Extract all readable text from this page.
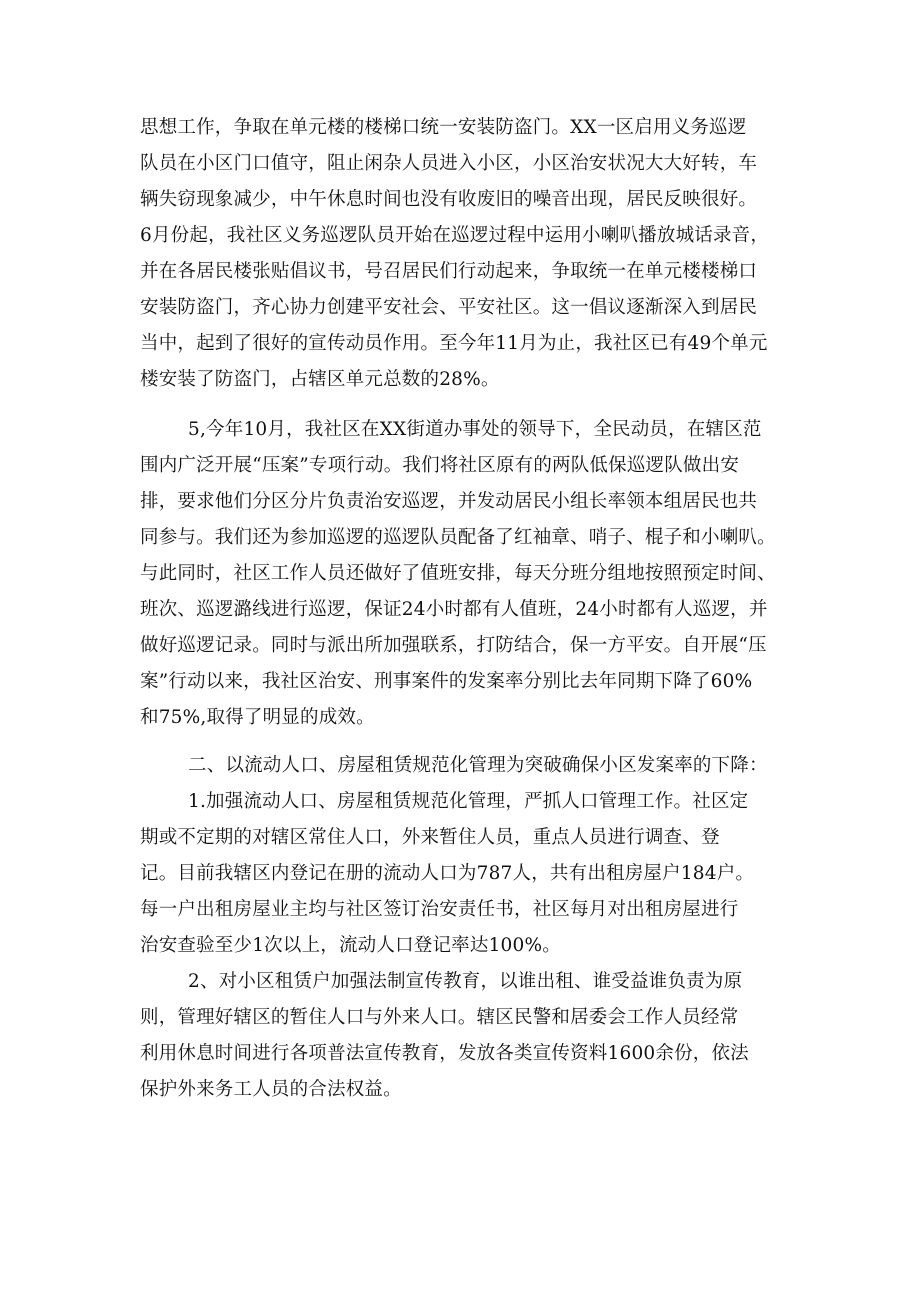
思想工作，争取在单元楼的楼梯口统一安装防盗门。XX一区启用义务巡逻
队员在小区门口值守，阻止闲杂人员进入小区，小区治安状况大大好转，车
辆失窃现象减少，中午休息时间也没有收废旧的噪音出现，居民反映很好。
6月份起，我社区义务巡逻队员开始在巡逻过程中运用小喇叭播放城话录音，
并在各居民楼张贴倡议书，号召居民们行动起来，争取统一在单元楼楼梯口
安装防盗门，齐心协力创建平安社会、平安社区。这一倡议逐渐深入到居民
当中，起到了很好的宣传动员作用。至今年11月为止，我社区已有49个单元
楼安装了防盗门，占辖区单元总数的28%。
5,今年10月，我社区在XX街道办事处的领导下，全民动员，在辖区范
围内广泛开展“压案”专项行动。我们将社区原有的两队低保巡逻队做出安
排，要求他们分区分片负责治安巡逻，并发动居民小组长率领本组居民也共
同参与。我们还为参加巡逻的巡逻队员配备了红袖章、哨子、棍子和小喇叭。
与此同时，社区工作人员还做好了值班安排，每天分班分组地按照预定时间、
班次、巡逻潞线进行巡逻，保证24小时都有人值班，24小时都有人巡逻，并
做好巡逻记录。同时与派出所加强联系，打防结合，保一方平安。自开展“压
案”行动以来，我社区治安、刑事案件的发案率分别比去年同期下降了60%
和75%,取得了明显的成效。
二、以流动人口、房屋租赁规范化管理为突破确保小区发案率的下降：
1.加强流动人口、房屋租赁规范化管理，严抓人口管理工作。社区定
期或不定期的对辖区常住人口，外来暂住人员，重点人员进行调查、登
记。目前我辖区内登记在册的流动人口为787人，共有出租房屋户184户。
每一户出租房屋业主均与社区签订治安责任书，社区每月对出租房屋进行
治安查验至少1次以上，流动人口登记率达100%。
2、对小区租赁户加强法制宣传教育，以谁出租、谁受益谁负责为原
则，管理好辖区的暂住人口与外来人口。辖区民警和居委会工作人员经常
利用休息时间进行各项普法宣传教育，发放各类宣传资料1600余份，依法
保护外来务工人员的合法权益。
